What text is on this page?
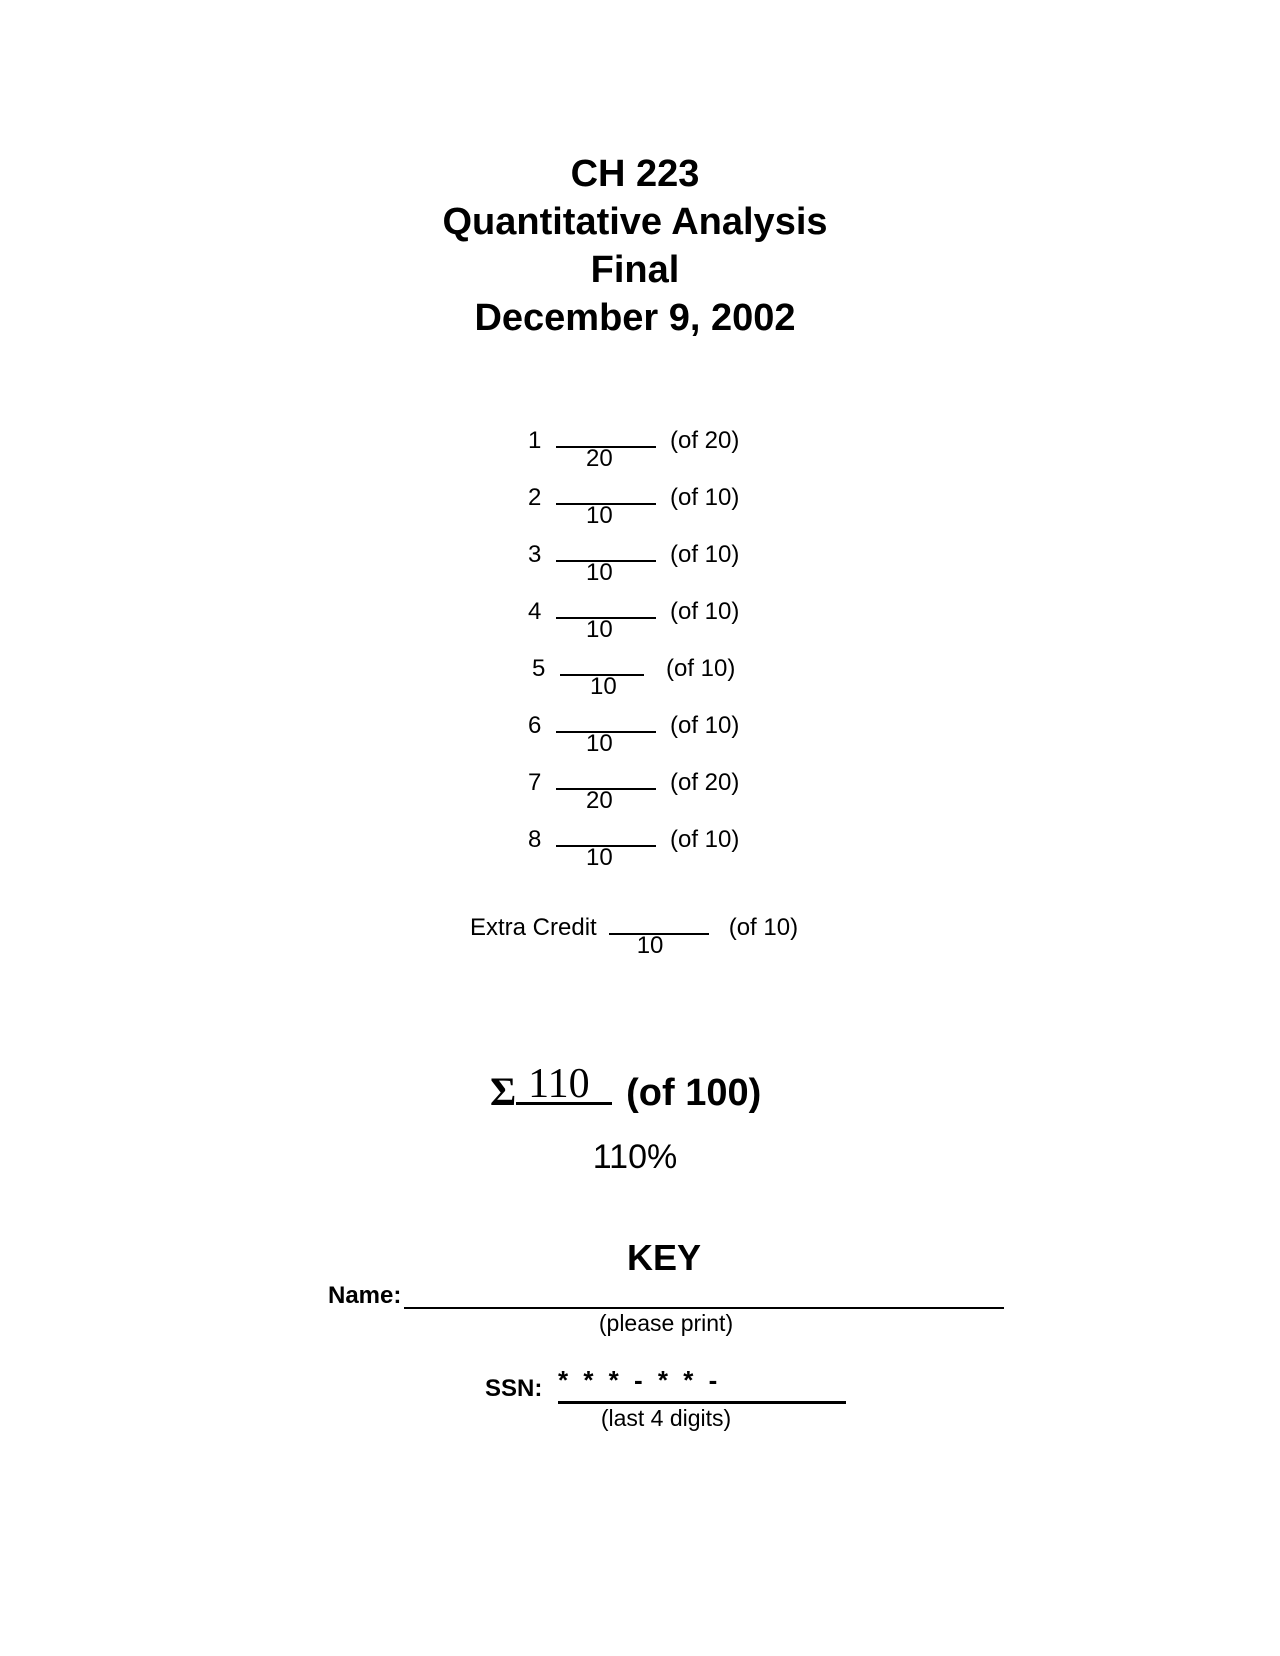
CH 223
Quantitative Analysis
Final
December 9, 2002
1
20
(of 20)
2
10
(of 10)
3
10
(of 10)
4
10
(of 10)
5
10
(of 10)
6
10
(of 10)
7
20
(of 20)
8
10
(of 10)
Extra Credit
10
(of 10)
Σ 110 (of 100)
110%
KEY
Name:
(please print)
SSN: * * * - * * -
(last 4 digits)
